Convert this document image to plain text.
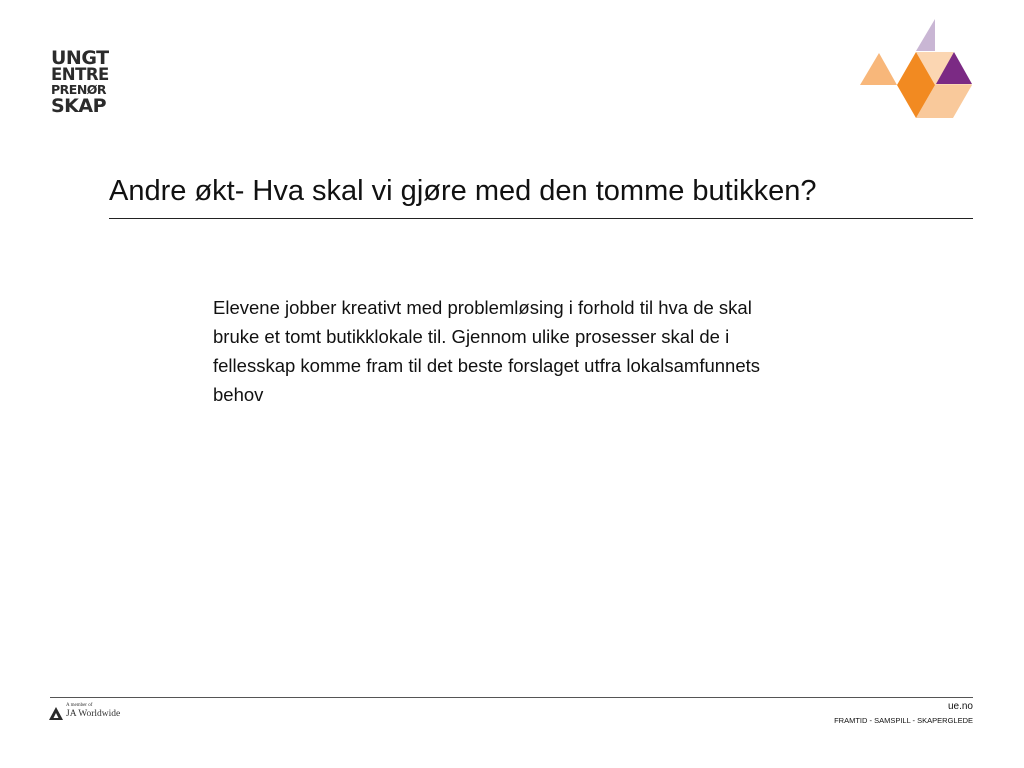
UNGT
ENTRE
PRENØR
SKAP
Andre økt- Hva skal vi gjøre med den tomme butikken?

Elevene jobber kreativt med problemløsing i forhold til hva de skal bruke et tomt butikklokale til. Gjennom ulike prosesser skal de i fellesskap komme fram til det beste forslaget utfra lokalsamfunnets behov

A member of
JA Worldwide
ue.no
FRAMTID - SAMSPILL - SKAPERGLEDE
